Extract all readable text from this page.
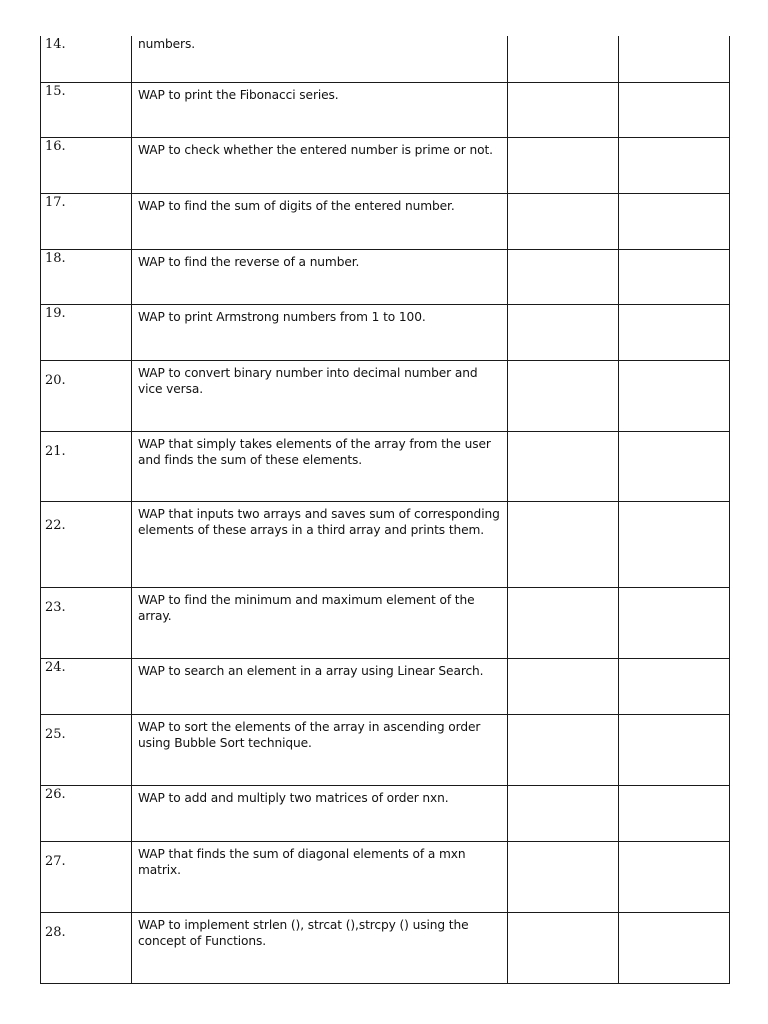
14.	numbers.		

15.	WAP to print the Fibonacci series.		

16.	WAP to check whether the entered number is prime or not.		

17.	WAP to find the sum of digits of the entered number.		

18.	WAP to find the reverse of a number.		

19.	WAP to print Armstrong numbers from 1 to 100.		

20.	WAP to convert binary number into decimal number and vice versa.		

21.	WAP that simply takes elements of the array from the user and finds the sum of these elements.		

22.	WAP that inputs two arrays and saves sum of corresponding elements of these arrays in a third array and prints them.		

23.	WAP to find the minimum and maximum element of the array.		

24.	WAP to search an element in a array using Linear Search.		

25.	WAP to sort the elements of the array in ascending order using Bubble Sort technique.		

26.	WAP to add and multiply two matrices of order nxn.		

27.	WAP that finds the sum of diagonal elements of a mxn matrix.		

28.	WAP to implement strlen (), strcat (),strcpy () using the concept of Functions.		
